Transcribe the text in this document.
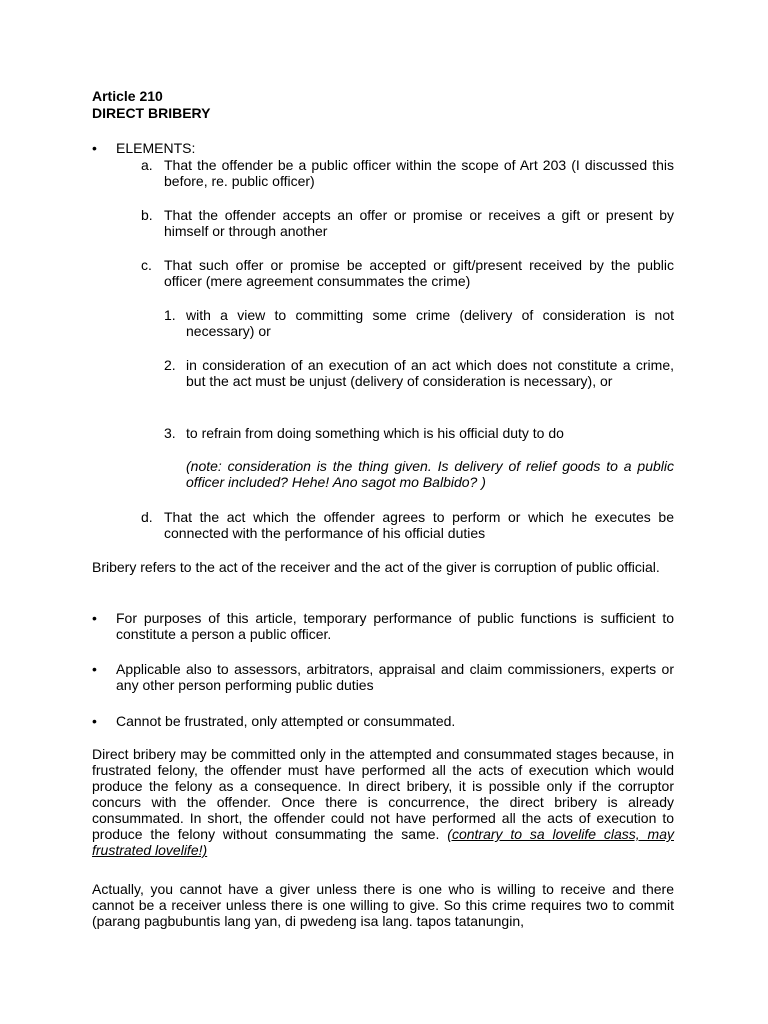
Article 210
DIRECT BRIBERY
• ELEMENTS:
a. That the offender be a public officer within the scope of Art 203 (I discussed this before, re. public officer)
b. That the offender accepts an offer or promise or receives a gift or present by himself or through another
c. That such offer or promise be accepted or gift/present received by the public officer (mere agreement consummates the crime)
1. with a view to committing some crime (delivery of consideration is not necessary) or
2. in consideration of an execution of an act which does not constitute a crime, but the act must be unjust (delivery of consideration is necessary), or
3. to refrain from doing something which is his official duty to do
(note: consideration is the thing given. Is delivery of relief goods to a public officer included? Hehe! Ano sagot mo Balbido? )
d. That the act which the offender agrees to perform or which he executes be connected with the performance of his official duties
Bribery refers to the act of the receiver and the act of the giver is corruption of public official.
• For purposes of this article, temporary performance of public functions is sufficient to constitute a person a public officer.
• Applicable also to assessors, arbitrators, appraisal and claim commissioners, experts or any other person performing public duties
• Cannot be frustrated, only attempted or consummated.
Direct bribery may be committed only in the attempted and consummated stages because, in frustrated felony, the offender must have performed all the acts of execution which would produce the felony as a consequence. In direct bribery, it is possible only if the corruptor concurs with the offender. Once there is concurrence, the direct bribery is already consummated. In short, the offender could not have performed all the acts of execution to produce the felony without consummating the same. (contrary to sa lovelife class, may frustrated lovelife!)
Actually, you cannot have a giver unless there is one who is willing to receive and there cannot be a receiver unless there is one willing to give. So this crime requires two to commit (parang pagbubuntis lang yan, di pwedeng isa lang. tapos tatanungin,
